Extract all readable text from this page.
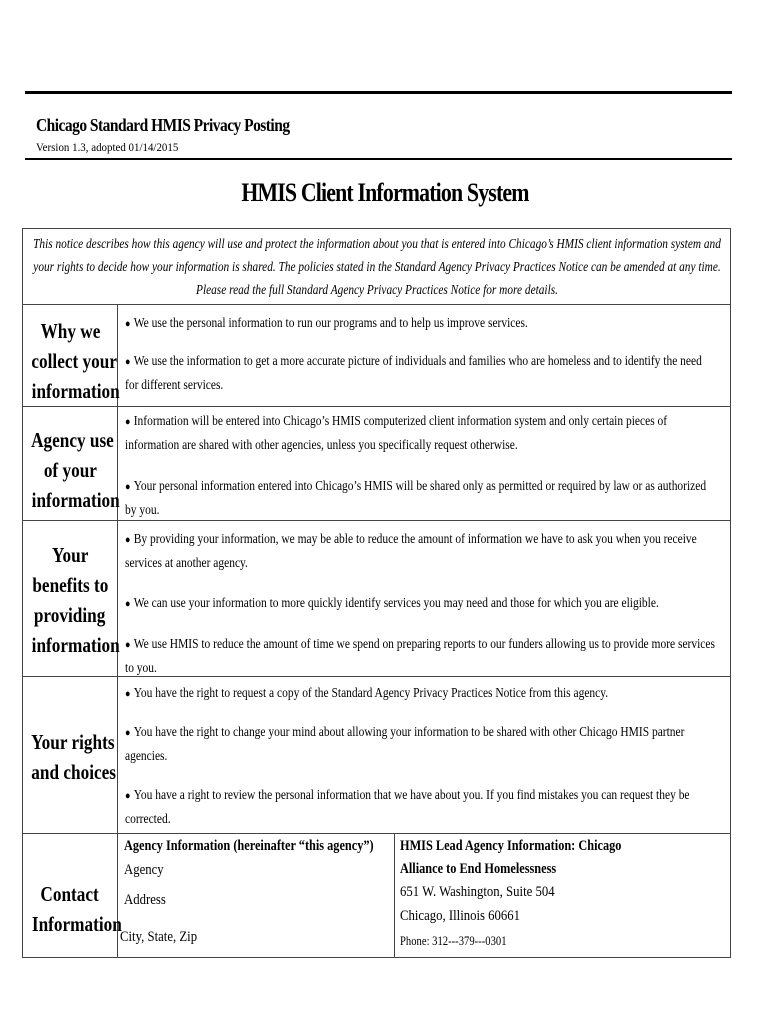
Chicago Standard HMIS Privacy Posting
Version 1.3, adopted 01/14/2015
HMIS Client Information System
This notice describes how this agency will use and protect the information about you that is entered into Chicago’s HMIS client information system and your rights to decide how your information is shared. The policies stated in the Standard Agency Privacy Practices Notice can be amended at any time. Please read the full Standard Agency Privacy Practices Notice for more details.
Why we
collect your
information
● We use the personal information to run our programs and to help us improve services.
● We use the information to get a more accurate picture of individuals and families who are homeless and to identify the need for different services.
Agency use
of your
information
● Information will be entered into Chicago’s HMIS computerized client information system and only certain pieces of information are shared with other agencies, unless you specifically request otherwise.
● Your personal information entered into Chicago’s HMIS will be shared only as permitted or required by law or as authorized by you.
Your
benefits to
providing
information
● By providing your information, we may be able to reduce the amount of information we have to ask you when you receive services at another agency.
● We can use your information to more quickly identify services you may need and those for which you are eligible.
● We use HMIS to reduce the amount of time we spend on preparing reports to our funders allowing us to provide more services to you.
Your rights
and choices
● You have the right to request a copy of the Standard Agency Privacy Practices Notice from this agency.
● You have the right to change your mind about allowing your information to be shared with other Chicago HMIS partner agencies.
● You have a right to review the personal information that we have about you. If you find mistakes you can request they be corrected.
Contact
Information
Agency Information (hereinafter “this agency”)
Agency
Address
City, State, Zip
HMIS Lead Agency Information: Chicago
Alliance to End Homelessness
651 W. Washington, Suite 504
Chicago, Illinois 60661
Phone: 312---379---0301
